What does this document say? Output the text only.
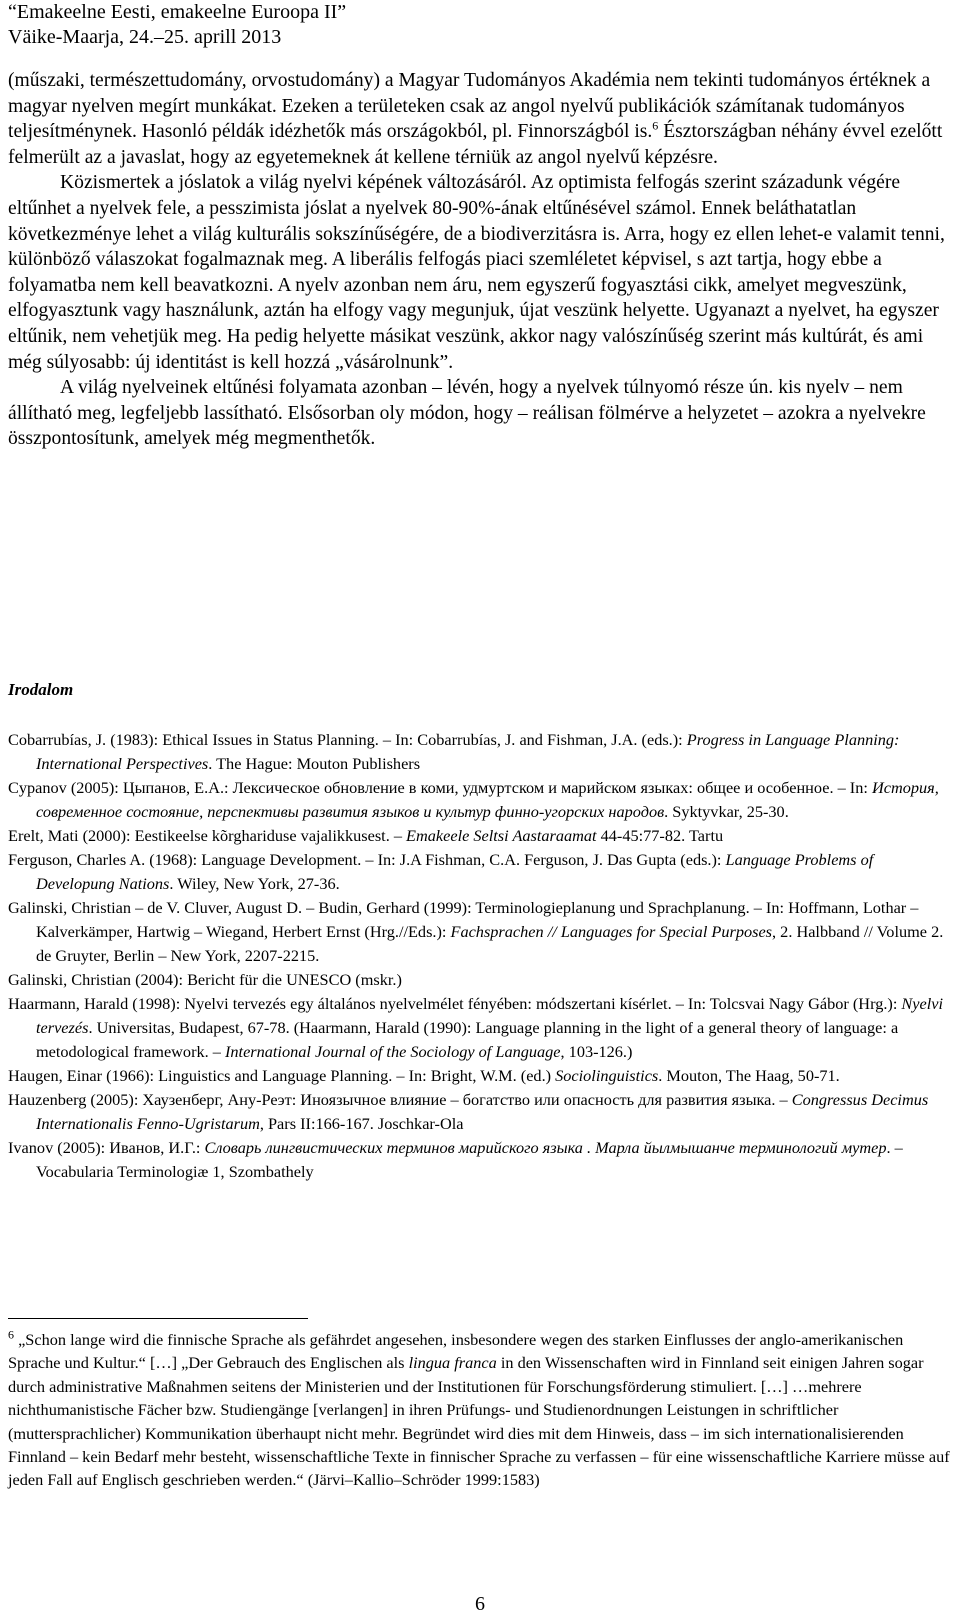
“Emakeelne Eesti, emakeelne Euroopa II”
Väike-Maarja, 24.–25. aprill 2013

(műszaki, természettudomány, orvostudomány) a Magyar Tudományos Akadémia nem tekinti tudományos értéknek a magyar nyelven megírt munkákat. Ezeken a területeken csak az angol nyelvű publikációk számítanak tudományos teljesítménynek. Hasonló példák idézhetők más országokból, pl. Finnországból is.$^6$ Észtországban néhány évvel ezelőtt felmerült az a javaslat, hogy az egyetemeknek át kellene térniük az angol nyelvű képzésre.

Közismertek a jóslatok a világ nyelvi képének változásáról. Az optimista felfogás szerint századunk végére eltűnhet a nyelvek fele, a pesszimista jóslat a nyelvek 80-90%-ának eltűnésével számol. Ennek beláthatatlan következménye lehet a világ kulturális sokszínűségére, de a biodiverzitásra is. Arra, hogy ez ellen lehet-e valamit tenni, különböző válaszokat fogalmaznak meg. A liberális felfogás piaci szemléletet képvisel, s azt tartja, hogy ebbe a folyamatba nem kell beavatkozni. A nyelv azonban nem áru, nem egyszerű fogyasztási cikk, amelyet megveszünk, elfogyasztunk vagy használunk, aztán ha elfogy vagy megunjuk, újat veszünk helyette. Ugyanazt a nyelvet, ha egyszer eltűnik, nem vehetjük meg. Ha pedig helyette másikat veszünk, akkor nagy valószínűség szerint más kultúrát, és ami még súlyosabb: új identitást is kell hozzá „vásárolnunk”.

A világ nyelveinek eltűnési folyamata azonban – lévén, hogy a nyelvek túlnyomó része ún. kis nyelv – nem állítható meg, legfeljebb lassítható. Elsősorban oly módon, hogy – reálisan fölmérve a helyzetet – azokra a nyelvekre összpontosítunk, amelyek még megmenthetők.

Irodalom
Cobarrubías, J. (1983): Ethical Issues in Status Planning. – In: Cobarrubías, J. and Fishman, J.A. (eds.): Progress in Language Planning: International Perspectives. The Hague: Mouton Publishers
Cypanov (2005): Цыпанов, Е.А.: Лексическое обновление в коми, удмуртском и марийском языках: общее и особенное. – In: История, современное состояние, перспективы развития языков и культур финно-угорских народов. Syktyvkar, 25-30.
Erelt, Mati (2000): Eestikeelse kõrghariduse vajalikkusest. – Emakeele Seltsi Aastaraamat 44-45:77-82. Tartu
Ferguson, Charles A. (1968): Language Development. – In: J.A Fishman, C.A. Ferguson, J. Das Gupta (eds.): Language Problems of Developung Nations. Wiley, New York, 27-36.
Galinski, Christian – de V. Cluver, August D. – Budin, Gerhard (1999): Terminologieplanung und Sprachplanung. – In: Hoffmann, Lothar – Kalverkämper, Hartwig – Wiegand, Herbert Ernst (Hrg.//Eds.): Fachsprachen // Languages for Special Purposes, 2. Halbband // Volume 2. de Gruyter, Berlin – New York, 2207-2215.
Galinski, Christian (2004): Bericht für die UNESCO (mskr.)
Haarmann, Harald (1998): Nyelvi tervezés egy általános nyelvelmélet fényében: módszertani kísérlet. – In: Tolcsvai Nagy Gábor (Hrg.): Nyelvi tervezés. Universitas, Budapest, 67-78. (Haarmann, Harald (1990): Language planning in the light of a general theory of language: a metodological framework. – International Journal of the Sociology of Language, 103-126.)
Haugen, Einar (1966): Linguistics and Language Planning. – In: Bright, W.M. (ed.) Sociolinguistics. Mouton, The Haag, 50-71.
Hauzenberg (2005): Хаузенберг, Ану-Реэт: Иноязычное влияние – богатство или опасность для развития языка. – Congressus Decimus Internationalis Fenno-Ugristarum, Pars II:166-167. Joschkar-Ola
Ivanov (2005): Иванов, И.Г.: Словарь лингвистических терминов марийского языка . Марла йылмышанче терминологий мутер. – Vocabularia Terminologiæ 1, Szombathely
$^6$ „Schon lange wird die finnische Sprache als gefährdet angesehen, insbesondere wegen des starken Einflusses der anglo-amerikanischen Sprache und Kultur.“ […] „Der Gebrauch des Englischen als lingua franca in den Wissenschaften wird in Finnland seit einigen Jahren sogar durch administrative Maßnahmen seitens der Ministerien und der Institutionen für Forschungsförderung stimuliert. […] …mehrere nichthumanistische Fächer bzw. Studiengänge [verlangen] in ihren Prüfungs- und Studienordnungen Leistungen in schriftlicher (muttersprachlicher) Kommunikation überhaupt nicht mehr. Begründet wird dies mit dem Hinweis, dass – im sich internationalisierenden Finnland – kein Bedarf mehr besteht, wissenschaftliche Texte in finnischer Sprache zu verfassen – für eine wissenschaftliche Karriere müsse auf jeden Fall auf Englisch geschrieben werden.“ (Järvi–Kallio–Schröder 1999:1583)
6
